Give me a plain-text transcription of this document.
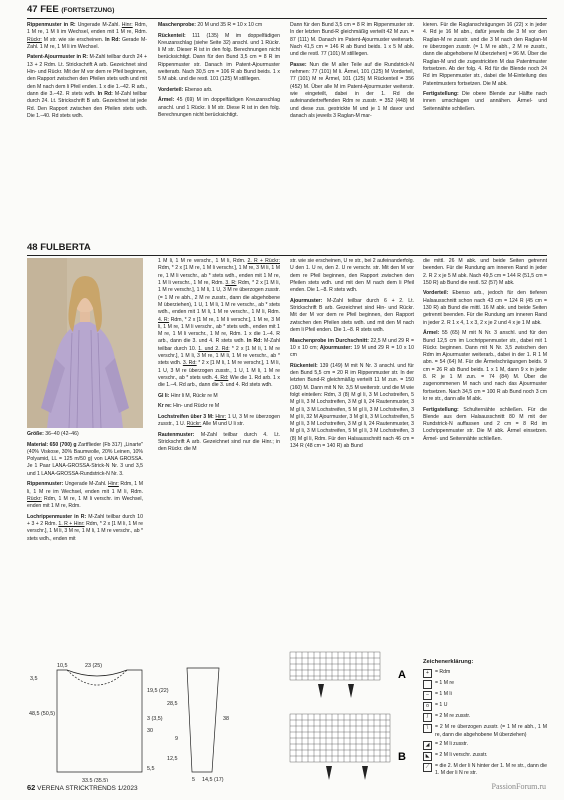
47 FEE (FORTSETZUNG)

Rippenmuster in R: Ungerade M-Zahl. Hinr: Rdm, 1 M re, 1 M li im Wechsel, enden mit 1 M re, Rdm. Rückr: M str. wie sie erscheinen. In Rd: Gerade M-Zahl. 1 M re, 1 M li im Wechsel.

Patent-Ajourmuster in R: M-Zahl teilbar durch 24 + 13 + 2 Rdm. Lt. Strickschrift A arb. Gezeichnet sind Hin- und Rückr. Mit der M vor dem re Pfeil beginnen, den Rapport zwischen den Pfeilen stets wdh und mit den M nach dem li Pfeil enden. 1 x die 1.–42. R arb., dann die 3.–42. R stets wdh. In Rd: M-Zahl teilbar durch 24. Lt. Strickschrift B arb. Gezeichnet ist jede Rd. Den Rapport zwischen den Pfeilen stets wdh. Die 1.–40. Rd stets wdh.

Maschenprobe: 20 M und 35 R = 10 x 10 cm

Rückenteil: 111 (135) M im doppelfädigen Kreuzanschlag (siehe Seite 32) anschl. und 1 Rückr. li M str. Dieser R ist in den folg. Berechnungen nicht berücksichtigt. Dann für den Bund 3,5 cm = 8 R im Rippenmuster str. Danach im Patent-Ajourmuster weiterarb. Nach 30,5 cm = 106 R ab Bund beids. 1 x 5 M abk. und die restl. 101 (125) M stilllegen.

Vorderteil: Ebenso arb.

Ärmel: 45 (69) M im doppelfädigen Kreuzanschlag anschl. und 1 Rückr. li M str. Diese R ist in den folg. Berechnungen nicht berücksichtigt.

Dann für den Bund 3,5 cm = 8 R im Rippenmuster str. In der letzten Bund-R gleichmäßig verteilt 42 M zun. = 87 (111) M. Danach im Patent-Ajourmuster weiterarb. Nach 41,5 cm = 146 R ab Bund beids. 1 x 5 M abk. und die restl. 77 (101) M stilllegen.

Passe: Nun die M aller Teile auf die Rundstrick-N nehmen: 77 (101) M li. Ärmel, 101 (125) M Vorderteil, 77 (101) M re Ärmel, 101 (125) M Rückenteil = 356 (452) M. Über alle M im Patent-Ajourmuster weiterstr. wie eingeteilt, dabei in der 1. Rd die aufeinandertreffenden Rdm re zusstr. = 352 (448) M und diese zus. gestrickte M und je 1 M davor und danach als jeweils 3 Raglan-M mar-

kieren. Für die Raglanschrägungen 16 (22) x in jeder 4. Rd je 16 M abn., dafür jeweils die 3 M vor den Raglan-M re zusstr. und die 3 M nach den Raglan-M re überzogen zusstr. (= 1 M re abh., 2 M re zusstr., dann die abgehobene M überziehen) = 96 M. Über die Raglan-M und die zugestrickten M das Patentmuster fortsetzen. Ab der folg. 4. Rd für die Blende noch 24 Rd im Rippenmuster str., dabei die M-Einteilung des Patentmusters fortsetzen. Die M abk.

Fertigstellung: Die obere Blende zur Hälfte nach innen umschlagen und annähen. Ärmel- und Seitennähte schließen.

48 FULBERTA

Größe: 36–40 (42–46)

Material: 650 (700) g Zartflieder (Fb 317) „Linarte" (40% Viskose, 30% Baumwolle, 20% Leinen, 10% Polyamid, LL = 125 m/50 g) von LANA GROSSA. Je 1 Paar LANA-GROSSA-Strick-N Nr. 3 und 3,5 und 1 LANA-GROSSA-Rundstrick-N Nr. 3.

Rippenmuster: Ungerade M-Zahl. Hinr: Rdm, 1 M li, 1 M re im Wechsel, enden mit 1 M li, Rdm. Rückr: Rdm, 1 M re, 1 M li verschr. im Wechsel, enden mit 1 M re, Rdm.

Lochrippenmuster in R: M-Zahl teilbar durch 10 + 3 + 2 Rdm. 1. R + Hinr: Rdm, * 2 x [1 M li, 1 M re verschr.], 1 M li, 3 M re, 1 M li, 1 M re verschr., ab * stets wdh., enden mit

1 M li, 1 M re verschr., 1 M li, Rdm. 2. R + Rückr: Rdm, * 2 x [1 M re, 1 M li verschr.], 1 M re, 3 M li, 1 M re, 1 M li verschr., ab * stets wdh., enden mit 1 M re, 1 M li verschr., 1 M re, Rdm. 3. R: Rdm, * 2 x [1 M li, 1 M re verschr.], 1 M li, 1 U, 3 M re überzogen zusstr. (= 1 M re abh., 2 M re zusstr., dann die abgehobene M überziehen), 1 U, 1 M li, 1 M re verschr., ab * stets wdh., enden mit 1 M li, 1 M re verschr., 1 M li, Rdm. 4. R: Rdm, * 2 x [1 M re, 1 M li verschr.], 1 M re, 3 M li, 1 M re, 1 M li verschr., ab * stets wdh., enden mit 1 M re, 1 M li verschr., 1 M re, Rdm. 1 x die 1.–4. R arb., dann die 3. und 4. R stets wdh. In Rd: M-Zahl teilbar durch 10. 1. und 2. Rd: * 2 x [1 M li, 1 M re verschr.], 1 M li, 3 M re, 1 M li, 1 M re verschr., ab * stets wdh. 3. Rd: * 2 x [1 M li, 1 M re verschr.], 1 M li, 1 U, 3 M re überzogen zusstr., 1 U, 1 M li, 1 M re verschr., ab * stets wdh. 4. Rd: Wie die 1. Rd arb. 1 x die 1.–4. Rd arb., dann die 3. und 4. Rd stets wdh.

Gl li: Hinr li M, Rückr re M

Kr re: Hin- und Rückr re M

Lochstreifen über 3 M: Hinr: 1 U, 3 M re überzogen zusstr., 1 U. Rückr: Alle M und U li str.

Rautenmuster: M-Zahl teilbar durch 4. Lt. Strickschrift A arb. Gezeichnet sind nur die Hinr.; in den Rückr. die M

str. wie sie erscheinen, U re str., bei 2 aufeinanderfolg. U den 1. U re, den 2. U re verschr. str. Mit den M vor dem re Pfeil beginnen, den Rapport zwischen den Pfeilen stets wdh. und mit den M nach dem li Pfeil enden. Die 1.–8. R stets wdh.

Ajourmuster: M-Zahl teilbar durch 6 + 2. Lt. Strickschrift B arb. Gezeichnet sind Hin- und Rückr. Mit der M vor dem re Pfeil beginnen, den Rapport zwischen den Pfeilen stets wdh. und mit den M nach dem li Pfeil enden. Die 1.–8. R stets wdh.

Maschenprobe im Durchschnitt: 22,5 M und 29 R = 10 x 10 cm; Ajourmuster: 19 M und 29 R = 10 x 10 cm

Rückenteil: 139 (149) M mit N Nr. 3 anschl. und für den Bund 5,5 cm = 20 R im Rippenmuster str. In der letzten Bund-R gleichmäßig verteilt 11 M zun. = 150 (160) M. Dann mit N Nr. 3,5 M weiterstr. und die M wie folgt einteilen: Rdm, 3 (8) M gl li, 3 M Lochstreifen, 5 M gl li, 3 M Lochstreifen, 3 M gl li, 24 Rautenmuster, 3 M gl li, 3 M Lochstreifen, 5 M gl li, 3 M Lochstreifen, 3 M gl li, 32 M Ajourmuster, 3 M gl li, 3 M Lochstreifen, 5 M gl li, 3 M Lochstreifen, 3 M gl li, 24 Rautenmuster, 3 M gl li, 3 M Lochstreifen, 5 M gl li, 3 M Lochstreifen, 3 (8) M gl li, Rdm. Für den Halsausschnitt nach 46 cm = 134 R (48 cm = 140 R) ab Bund

die mittl. 26 M abk. und beide Seiten getrennt beenden. Für die Rundung am inneren Rand in jeder 2. R 2 x je 5 M abk. Nach 49,5 cm = 144 R (51,5 cm = 150 R) ab Bund die restl. 52 (57) M abk.

Vorderteil: Ebenso arb., jedoch für den tieferen Halsausschnitt schon nach 43 cm = 124 R (45 cm = 130 R) ab Bund die mittl. 16 M abk. und beide Seiten getrennt beenden. Für die Rundung am inneren Rand in jeder 2. R 1 x 4, 1 x 3, 2 x je 2 und 4 x je 1 M abk.

Ärmel: 55 (65) M mit N Nr. 3 anschl. und für den Bund 12,5 cm im Lochrippenmuster str., dabei mit 1 Rückr. beginnen. Dann mit N Nr. 3,5 zwischen den Rdm im Ajourmuster weiterarb., dabei in der 1. R 1 M abn. = 54 (64) M. Für die Ärmelschrägungen beids. 9 cm = 26 R ab Bund beids. 1 x 1 M, dann 9 x in jeder 8. R je 1 M zun. = 74 (84) M. Über die zugenommenen M nach und nach das Ajourmuster fortsetzen. Nach 34,5 cm = 100 R ab Bund noch 3 cm kr re str., dann alle M abk.

Fertigstellung: Schulternähte schließen. Für die Blende aus dem Halsausschnitt 80 M mit der Rundstrick-N auffassen und 2 cm = 8 Rd im Lochrippenmuster str. Die M abk. Ärmel einsetzen. Ärmel- und Seitennähte schließen.

10,5	23 (25)
3,5
19,5 (22)
3 (3,5)
30
48,5 (50,5)
33,5 (35,5)
5,5
28,5
9
12,5
5 14,5 (17)
38
A
B

Zeichenerklärung:

+	= Rdm
= 1 M re
–	= 1 M li
o	= 1 U
/	= 2 M re zusstr.
\	= 2 M re überzogen zusstr. (= 1 M re abh., 1 M re, dann die abgehobene M überziehen)
◢	= 2 M li zusstr.
◣	= 2 M li verschr. zusstr.
⟋	= die 2. M der li N hinter der 1. M re str., dann die 1. M der li N re str.
62 VERENA STRICKTRENDS 1/2023	PassionForum.ru
